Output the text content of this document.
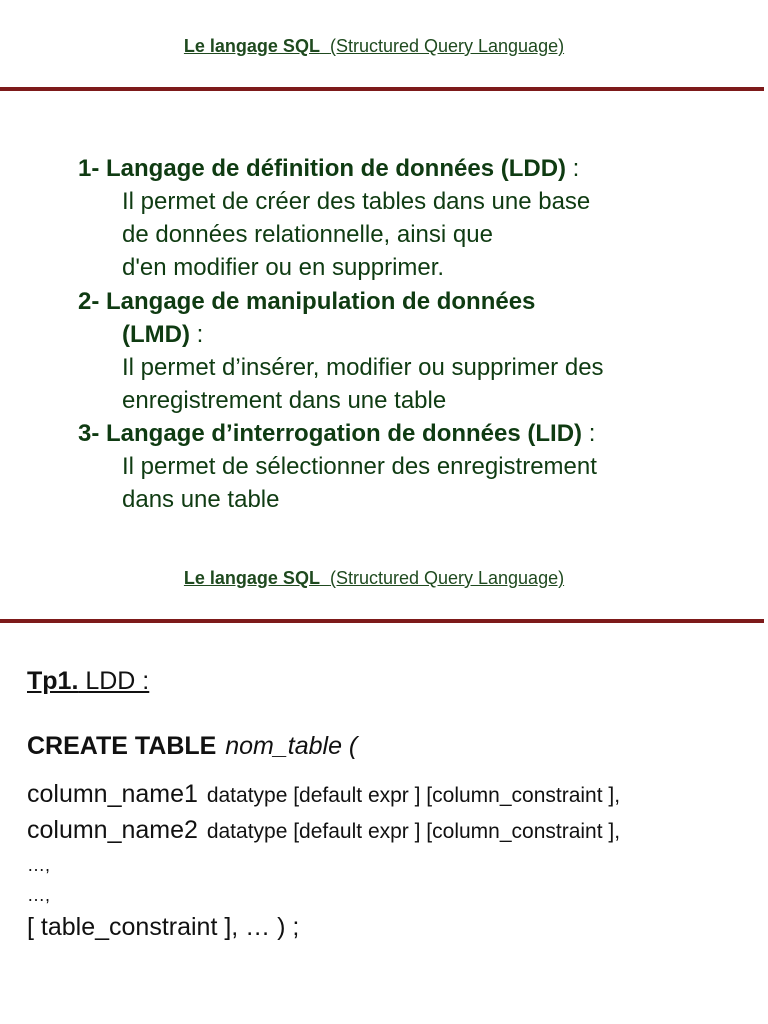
Le langage SQL (Structured Query Language)
1- Langage de définition de données (LDD) :
Il permet de créer des tables dans une base
de données relationnelle, ainsi que
d'en modifier ou en supprimer.
2- Langage de manipulation de données
(LMD) :
Il permet d’insérer, modifier ou supprimer des
enregistrement dans une table
3- Langage d’interrogation de données (LID) :
Il permet de sélectionner des enregistrement
dans une table
Le langage SQL (Structured Query Language)
Tp1. LDD :
CREATE TABLE nom_table (
column_name1 datatype [default expr ] [column_constraint ],
column_name2 datatype [default expr ] [column_constraint ],
…,
…,
[ table_constraint ], … ) ;
